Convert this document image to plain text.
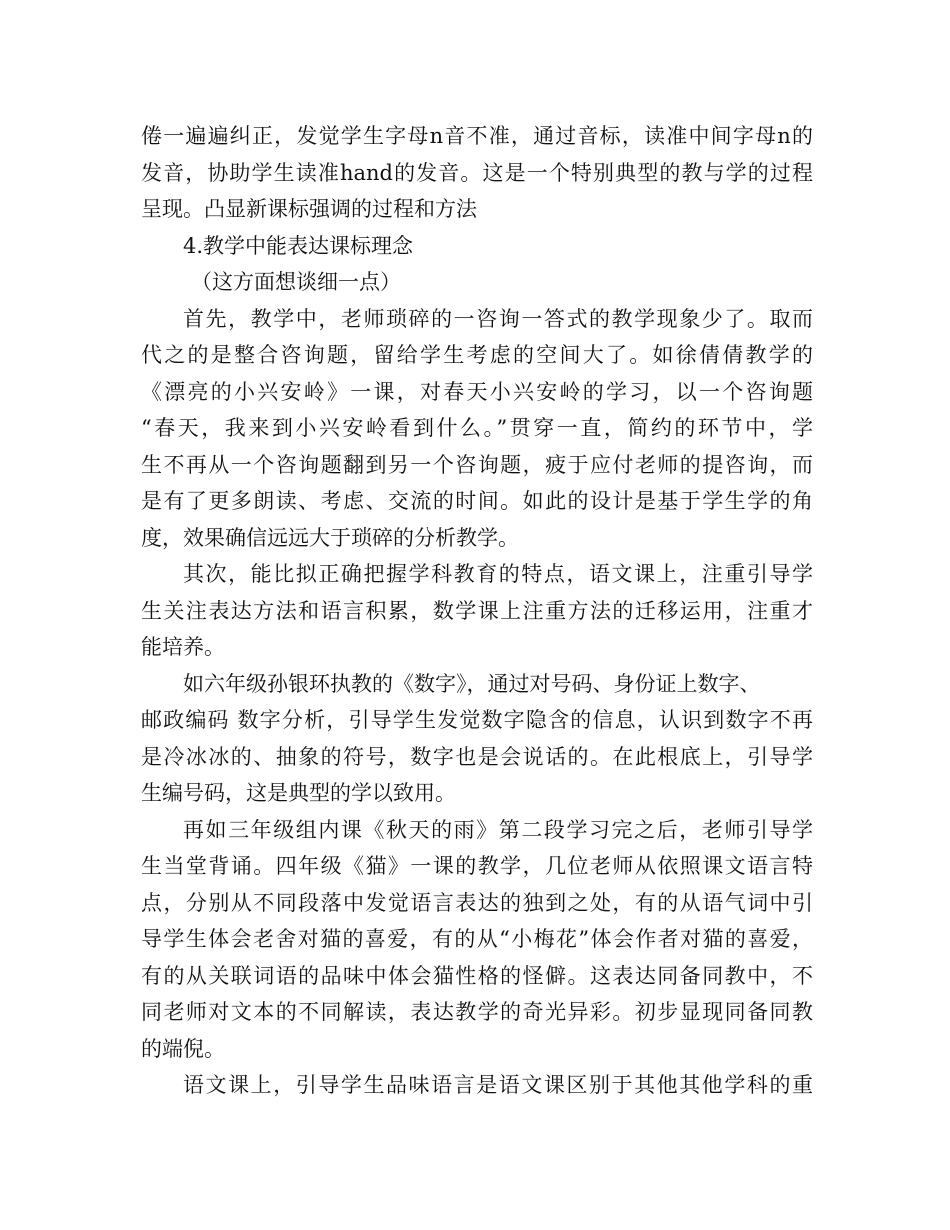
倦一遍遍纠正，发觉学生字母n音不准，通过音标，读准中间字母n的
发音，协助学生读准hand的发音。这是一个特别典型的教与学的过程
呈现。凸显新课标强调的过程和方法
4.教学中能表达课标理念
（这方面想谈细一点）
首先，教学中，老师琐碎的一咨询一答式的教学现象少了。取而
代之的是整合咨询题，留给学生考虑的空间大了。如徐倩倩教学的
《漂亮的小兴安岭》一课，对春天小兴安岭的学习，以一个咨询题
“春天，我来到小兴安岭看到什么。”贯穿一直，简约的环节中，学
生不再从一个咨询题翻到另一个咨询题，疲于应付老师的提咨询，而
是有了更多朗读、考虑、交流的时间。如此的设计是基于学生学的角
度，效果确信远远大于琐碎的分析教学。
其次，能比拟正确把握学科教育的特点，语文课上，注重引导学
生关注表达方法和语言积累，数学课上注重方法的迁移运用，注重才
能培养。
如六年级孙银环执教的《数字》，通过对号码、身份证上数字、
邮政编码 数字分析，引导学生发觉数字隐含的信息，认识到数字不再
是冷冰冰的、抽象的符号，数字也是会说话的。在此根底上，引导学
生编号码，这是典型的学以致用。
再如三年级组内课《秋天的雨》第二段学习完之后，老师引导学
生当堂背诵。四年级《猫》一课的教学，几位老师从依照课文语言特
点，分别从不同段落中发觉语言表达的独到之处，有的从语气词中引
导学生体会老舍对猫的喜爱，有的从“小梅花”体会作者对猫的喜爱，
有的从关联词语的品味中体会猫性格的怪僻。这表达同备同教中，不
同老师对文本的不同解读，表达教学的奇光异彩。初步显现同备同教
的端倪。
语文课上，引导学生品味语言是语文课区别于其他其他学科的重
